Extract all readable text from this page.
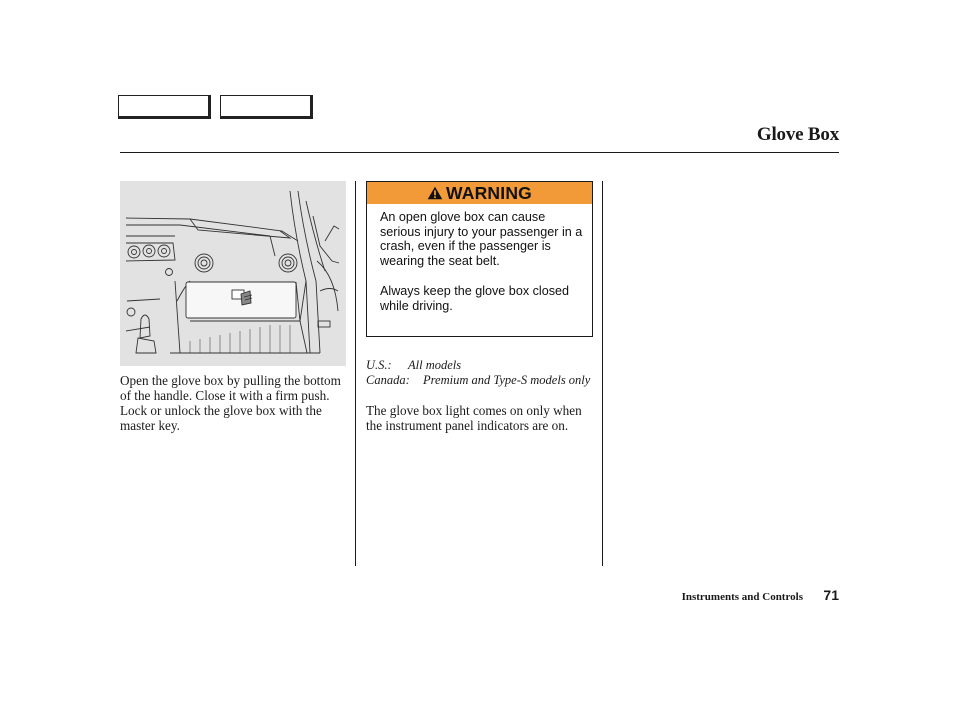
Glove Box
Open the glove box by pulling the bottom of the handle. Close it with a firm push. Lock or unlock the glove box with the master key.
WARNING
An open glove box can cause serious injury to your passenger in a crash, even if the passenger is wearing the seat belt.
Always keep the glove box closed while driving.
U.S.: All models
Canada: Premium and Type-S models only
The glove box light comes on only when the instrument panel indicators are on.
Instruments and Controls 71
